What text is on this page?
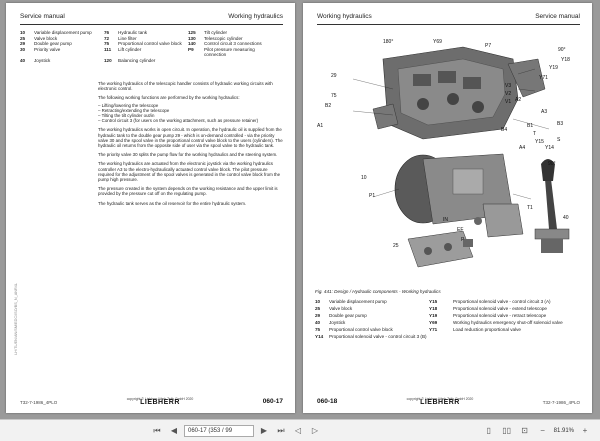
Service manual	Working hydraulics
10	Variable displacement pump	76	Hydraulic tank	125	Tilt cylinder
25	Valve block	72	Line filter	130	Telescopic cylinder
29	Double gear pump	75	Proportional control valve block	140	Control circuit 3 connections
30	Priority valve	111	Lift cylinder	P9	Pilot pressure measuring connection
40	Joystick	120	Balancing cylinder

The working hydraulics of the telescopic handler consists of hydraulic working circuits with electronic control.

The following working functions are performed by the working hydraulics:

– Lifting/lowering the telescope
– Retracting/extending the telescope
– Tilting the tilt cylinder out/in
– Control circuit 3 (for users on the working attachment, such as pressure retainer)

The working hydraulics works in open circuit. In operation, the hydraulic oil is supplied from the hydraulic tank to the double gear pump 29 - which is on-demand controlled - via the priority valve 30 and the spool valve in the proportional control valve block to the users (cylinders). The hydraulic oil returns from the opposite side of user via the spool valve to the hydraulic tank.

The priority valve 30 splits the pump flow for the working hydraulics and the steering system.

The working hydraulics are actuated from the electronic joystick via the working hydraulics controller A3 to the electro-hydraulically actuated control valve block. The pilot pressure required for the adjustment of the spool valves is generated in the control valve block from the pump high pressure.

The pressure created in the system depends on the working resistance and the upper limit is provided by the pressure cut off on the regulating pump.

The hydraulic tank serves as the oil reservoir for the entire hydraulic system.

LH/TL/EN/AN/SM/EDC/ISO/BS_N_ANR4L
T32-7-1986_4PLO
copyright © Liebherr-Werk Telfs GmbH 2020
LIEBHERR	060-17
Working hydraulics	Service manual
180°	Y69
P7
90°
Y18
Y19
Y71
V3
V2
V1 A2
A3
B3
29
75
B2
A1	B1
A4
B4
T
Y15
Y14
S
90°
10
IN
EF
P1
T1
25
40
P
Fig. 441: Design / Hydraulic components - Working hydraulics
10	Variable displacement pump	Y15	Proportional solenoid valve - control circuit 3 (A)
25	Valve block	Y18	Proportional solenoid valve - extend telescope
29	Double gear pump	Y19	Proportional solenoid valve - retract telescope
40	Joystick	Y69	Working hydraulics emergency shut-off solenoid valve
75	Proportional control valve block	Y71	Load reduction proportional valve
Y14	Proportional solenoid valve - control circuit 3 (B)
060-18	copyright © Liebherr-Werk Telfs GmbH 2020
LIEBHERR	T32-7-1986_4PLO
⏮	◀	060-17 (353 / 99	▶	⏭	◁	▷	▯	▯▯	⊡	−	81.91%	+
